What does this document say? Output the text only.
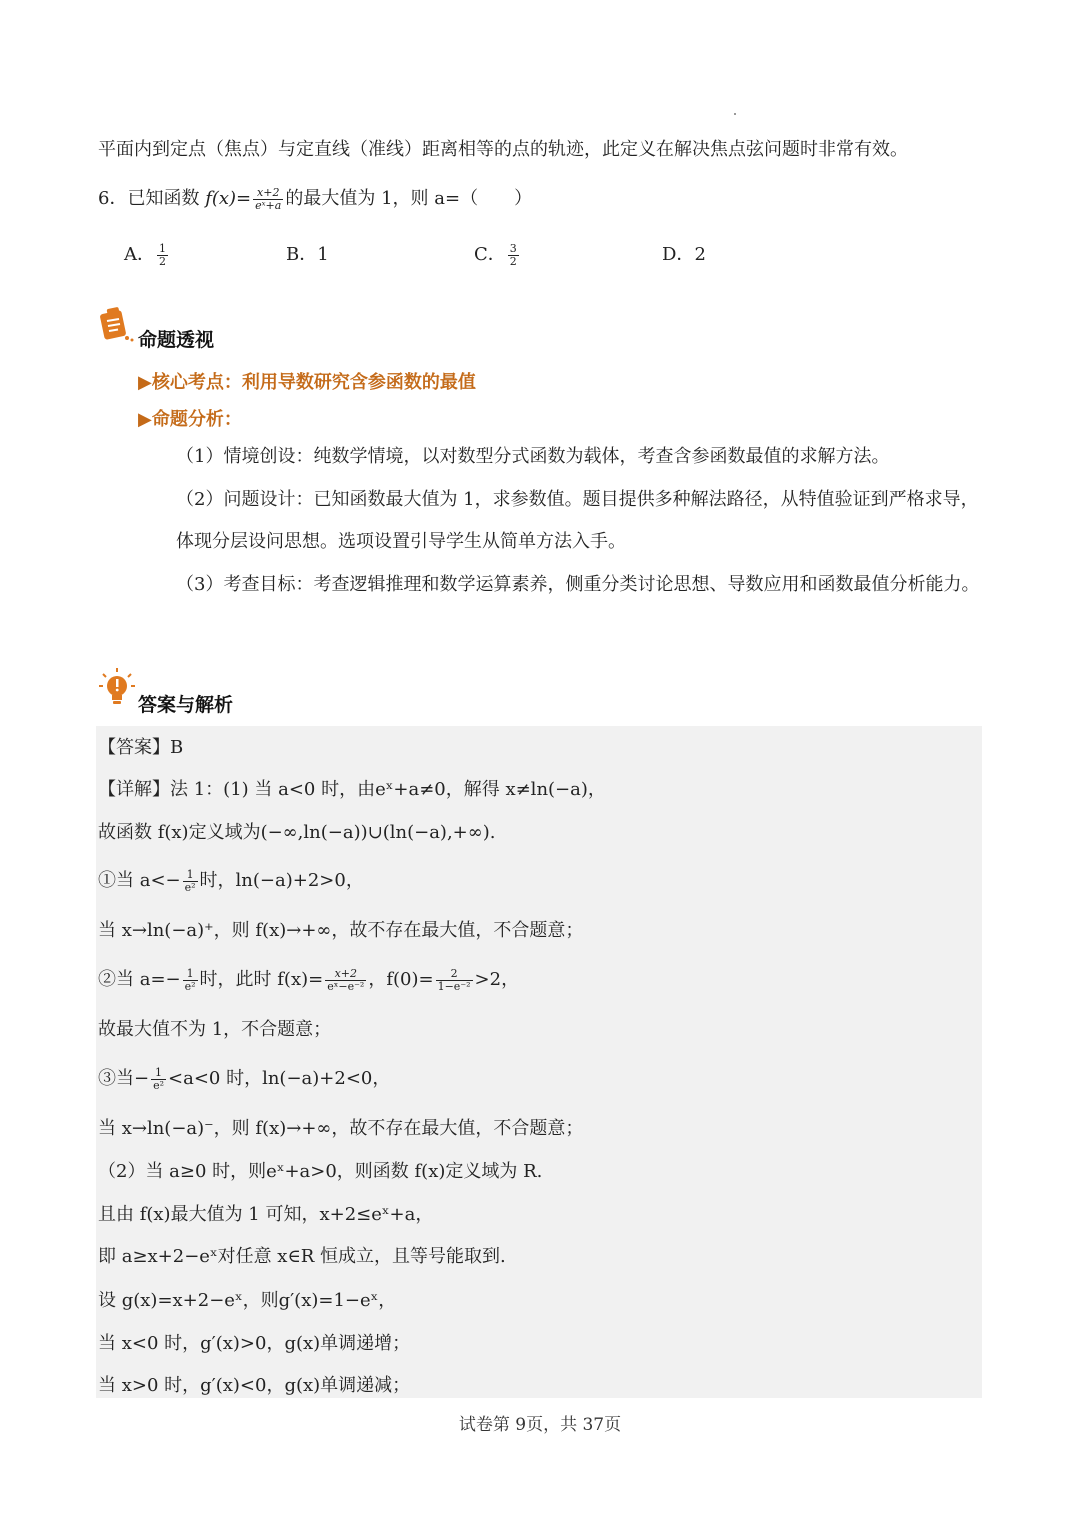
平面内到定点（焦点）与定直线（准线）距离相等的点的轨迹，此定义在解决焦点弦问题时非常有效。
6．已知函数 $f(x)= \frac{x+2}{\text{eˣ+a}}$ 的最大值为 1，则 a=（　　）
A． $\frac{1}{2}$	B．1	C． $\frac{3}{2}$	D．2
命题透视
▶核心考点：利用导数研究含参函数的最值
▶命题分析：
（1）情境创设：纯数学情境，以对数型分式函数为载体，考查含参函数最值的求解方法。
（2）问题设计：已知函数最大值为 1，求参数值。题目提供多种解法路径，从特值验证到严格求导，体现分层设问思想。选项设置引导学生从简单方法入手。
（3）考查目标：考查逻辑推理和数学运算素养，侧重分类讨论思想、导数应用和函数最值分析能力。
答案与解析
【答案】B
【详解】法 1：(1) 当 a<0 时，由eˣ+a≠0，解得 x≠ln(−a)，
故函数 f(x)定义域为(−∞,ln(−a))∪(ln(−a),+∞).
①当 $a<- \frac{1}{\text{e²}}$ 时，ln(−a)+2>0，
当 x→ln(−a)⁺，则 f(x)→+∞，故不存在最大值，不合题意；
②当 $a=- \frac{1}{\text{e²}}$ 时，此时 $f(x)= \frac{x+2}{\text{eˣ−e⁻²}}$ ，$f(0)= \frac{2}{\text{1−e⁻²}} >2$，
故最大值不为 1，不合题意；
③当− $\frac{1}{\text{e²}} <a<0$ 时，ln(−a)+2<0，
当 x→ln(−a)⁻，则 f(x)→+∞，故不存在最大值，不合题意；
（2）当 a≥0 时，则eˣ+a>0，则函数 f(x)定义域为 R.
且由 f(x)最大值为 1 可知，x+2≤eˣ+a，
即 a≥x+2−eˣ对任意 x∈R 恒成立，且等号能取到.
设 g(x)=x+2−eˣ，则g′(x)=1−eˣ，
当 x<0 时，g′(x)>0，g(x)单调递增；
当 x>0 时，g′(x)<0，g(x)单调递减；
试卷第 9页，共 37页
